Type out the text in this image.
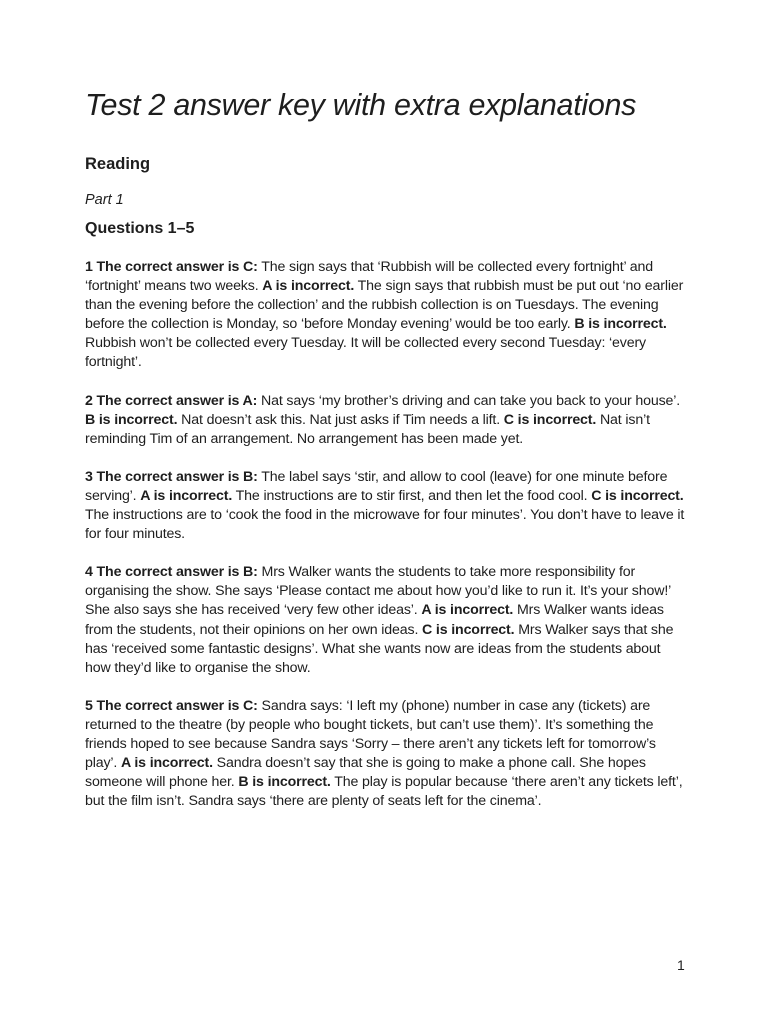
Test 2 answer key with extra explanations
Reading

Part 1

Questions 1–5

1 The correct answer is C: The sign says that ‘Rubbish will be collected every fortnight’ and ‘fortnight’ means two weeks. A is incorrect. The sign says that rubbish must be put out ‘no earlier than the evening before the collection’ and the rubbish collection is on Tuesdays. The evening before the collection is Monday, so ‘before Monday evening’ would be too early. B is incorrect. Rubbish won’t be collected every Tuesday. It will be collected every second Tuesday: ‘every fortnight’.

2 The correct answer is A: Nat says ‘my brother’s driving and can take you back to your house’. B is incorrect. Nat doesn’t ask this. Nat just asks if Tim needs a lift. C is incorrect. Nat isn’t reminding Tim of an arrangement. No arrangement has been made yet.

3 The correct answer is B: The label says ‘stir, and allow to cool (leave) for one minute before serving’. A is incorrect. The instructions are to stir first, and then let the food cool. C is incorrect. The instructions are to ‘cook the food in the microwave for four minutes’. You don’t have to leave it for four minutes.

4 The correct answer is B: Mrs Walker wants the students to take more responsibility for organising the show. She says ‘Please contact me about how you’d like to run it. It’s your show!’ She also says she has received ‘very few other ideas’. A is incorrect. Mrs Walker wants ideas from the students, not their opinions on her own ideas. C is incorrect. Mrs Walker says that she has ‘received some fantastic designs’. What she wants now are ideas from the students about how they’d like to organise the show.

5 The correct answer is C: Sandra says: ‘I left my (phone) number in case any (tickets) are returned to the theatre (by people who bought tickets, but can’t use them)’. It’s something the friends hoped to see because Sandra says ‘Sorry – there aren’t any tickets left for tomorrow’s play’. A is incorrect. Sandra doesn’t say that she is going to make a phone call. She hopes someone will phone her. B is incorrect. The play is popular because ‘there aren’t any tickets left’, but the film isn’t. Sandra says ‘there are plenty of seats left for the cinema’.

1
